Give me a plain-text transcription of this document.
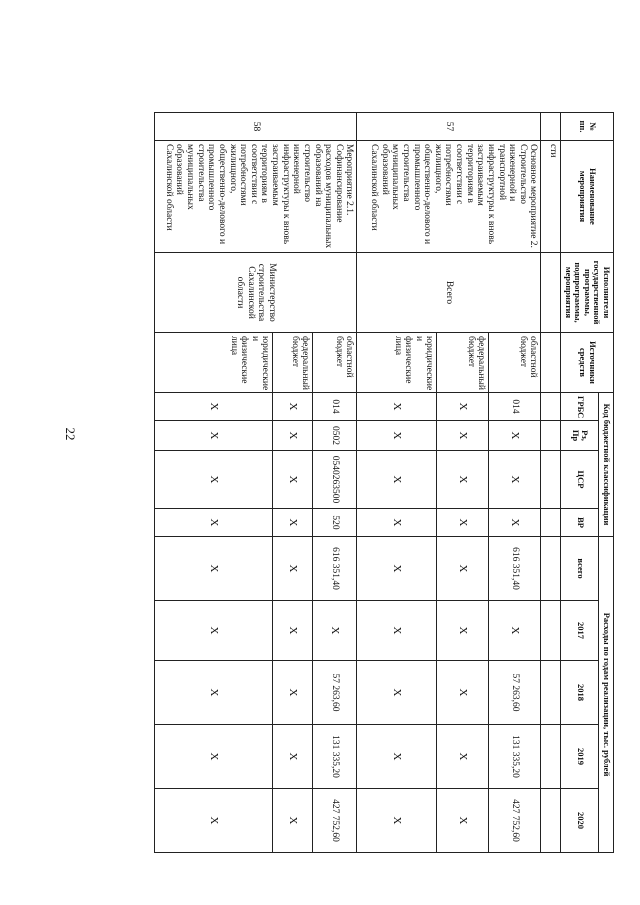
22
№ пп.	Наименование мероприятия	Исполнители государственной программы, подпрограммы, мероприятия	Источники средств	Код бюджетной классификации				Расходы по годам реализации, тыс. рублей				
				ГРБС	Рз, Пр	ЦСР	ВР	всего	2017	2018	2019	2020

	сти											
57	Основное мероприятие 2. Строительство инженерной и транспортной инфраструктуры к вновь застраиваемым территориям в соответствии с потребностями жилищного, общественно-делового и промышленного строительства муниципальных образований Сахалинской области	Всего	областной бюджет	014	X	X	X	616 351,40	X	57 263,60	131 335,20	427 752,60
			федеральный бюджет	X	X	X	X	X	X	X	X	X
			юридические и физические лица	X	X	X	X	X	X	X	X	X
58	Мероприятие 2.1. Софинансирование расходов муниципальных образований на строительство инженерной инфраструктуры к вновь застраиваемым территориям в соответствии с потребностями жилищного, общественно-делового и промышленного строительства муниципальных образований Сахалинской области	Министерство строительства Сахалинской области	областной бюджет	014	0502	0540263500	520	616 351,40	X	57 263,60	131 335,20	427 752,60
			федеральный бюджет	X	X	X	X	X	X	X	X	X
			юридические и физические лица	X	X	X	X	X	X	X	X	X
